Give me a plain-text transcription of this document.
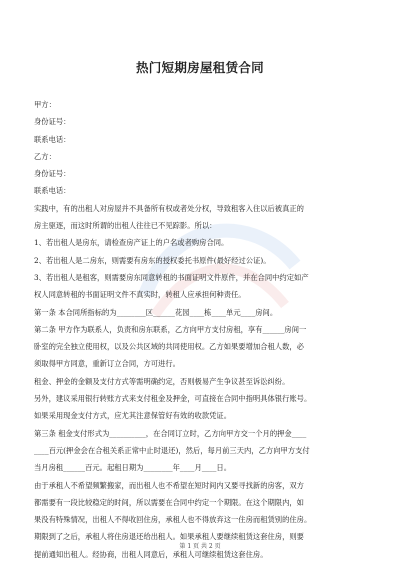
热门短期房屋租赁合同
甲方：
身份证号：
联系电话：
乙方：
身份证号：
联系电话：
实践中，有的出租人对房屋并不具备所有权或者处分权，导致租客入住以后被真正的
房主驱逐，而这时所谓的出租人往往已不见踪影。所以：
1、若出租人是房东，请检查房产证上的户名或者购房合同。
2、若出租人是二房东，则需要有房东的授权委托书原件(最好经过公证)。
3、若出租人是租客，则需要房东同意转租的书面证明文件原件，并在合同中约定如产
权人同意转租的书面证明文件不真实时，转租人应承担何种责任。
第一条 本合同所指标的为________区______花园____栋____单元____房间。
第二条 甲方作为联系人，负责和房东联系，乙方向甲方支付房租，享有______房间一
卧室的完全独立使用权，以及公共区域的共同使用权。乙方如果要增加合租人数，必
须取得甲方同意，重新订立合同，方可进行。
租金、押金的金额及支付方式等需明确约定，否则极易产生争议甚至诉讼纠纷。
另外，建议采用银行转账方式来支付租金及押金，可直接在合同中指明具体银行账号。
如果采用现金支付方式，应尤其注意保管好有效的收款凭证。
第三条 租金支付形式为__________，在合同订立时，乙方向甲方交一个月的押金____
____百元(押金会在合租关系正常中止时退还)，然后，每月前三天内，乙方向甲方支付
当月房租______百元。起租日期为________年____月____日。
由于承租人不希望频繁搬家，而出租人也不希望在短时间内又要寻找新的房客，双方
都需要有一段比较稳定的时间，所以需要在合同中约定一个期限。在这个期限内，如
果没有特殊情况，出租人不得收回住房，承租人也不得放弃这一住房而租赁别的住房。
期限到了之后，承租人将住房退还给出租人。如果承租人要继续租赁这套住房，则要
提前通知出租人。经协商，出租人同意后，承租人可继续租赁这套住房。
第 1 页 共 2 页
